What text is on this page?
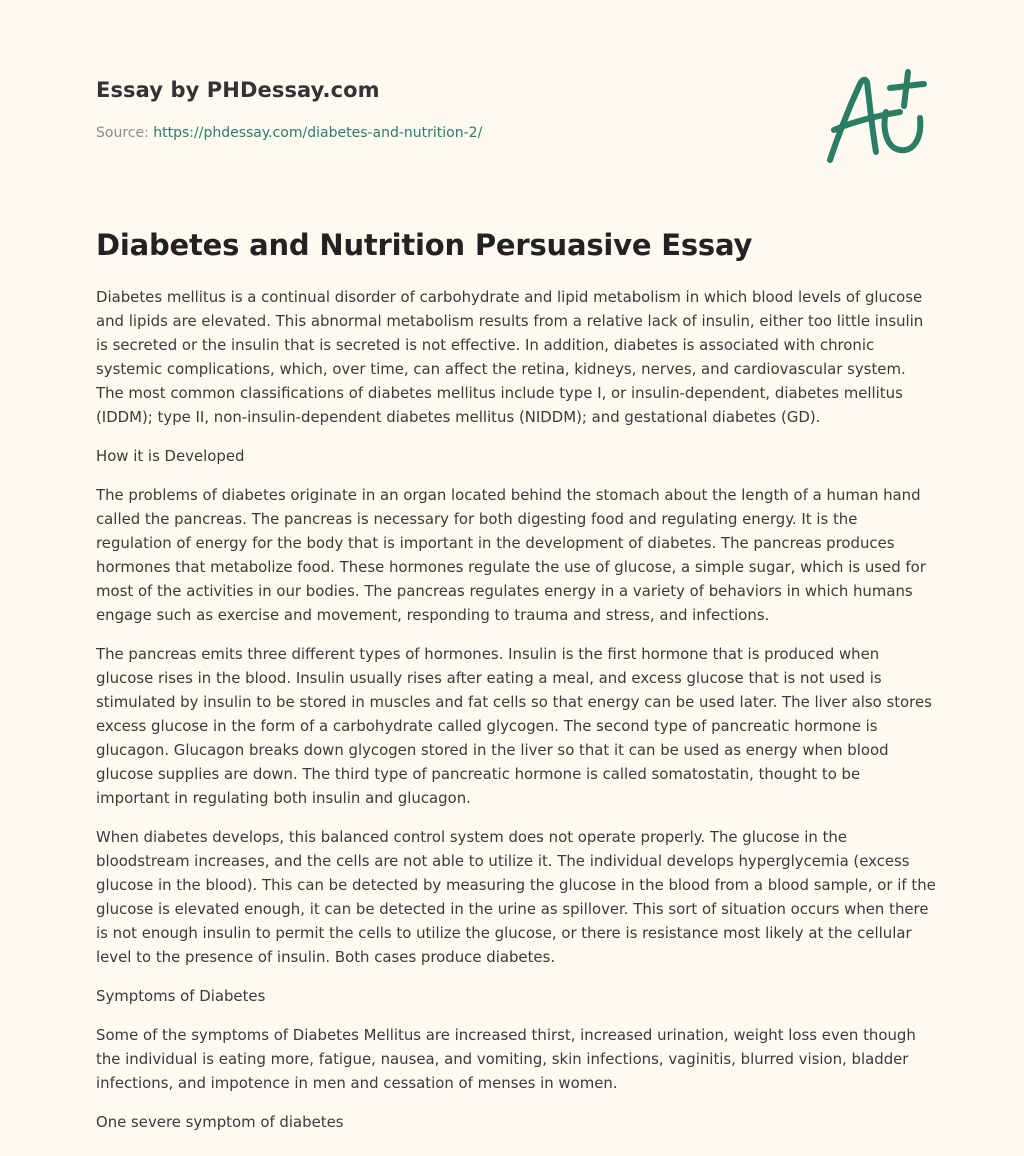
Essay by PHDessay.com
Source: https://phdessay.com/diabetes-and-nutrition-2/
Diabetes and Nutrition Persuasive Essay

Diabetes mellitus is a continual disorder of carbohydrate and lipid metabolism in which blood levels of glucose and lipids are elevated. This abnormal metabolism results from a relative lack of insulin, either too little insulin is secreted or the insulin that is secreted is not effective. In addition, diabetes is associated with chronic systemic complications, which, over time, can affect the retina, kidneys, nerves, and cardiovascular system. The most common classifications of diabetes mellitus include type I, or insulin-dependent, diabetes mellitus (IDDM); type II, non-insulin-dependent diabetes mellitus (NIDDM); and gestational diabetes (GD).

How it is Developed

The problems of diabetes originate in an organ located behind the stomach about the length of a human hand called the pancreas. The pancreas is necessary for both digesting food and regulating energy. It is the regulation of energy for the body that is important in the development of diabetes. The pancreas produces hormones that metabolize food. These hormones regulate the use of glucose, a simple sugar, which is used for most of the activities in our bodies. The pancreas regulates energy in a variety of behaviors in which humans engage such as exercise and movement, responding to trauma and stress, and infections.

The pancreas emits three different types of hormones. Insulin is the first hormone that is produced when glucose rises in the blood. Insulin usually rises after eating a meal, and excess glucose that is not used is stimulated by insulin to be stored in muscles and fat cells so that energy can be used later. The liver also stores excess glucose in the form of a carbohydrate called glycogen. The second type of pancreatic hormone is glucagon. Glucagon breaks down glycogen stored in the liver so that it can be used as energy when blood glucose supplies are down. The third type of pancreatic hormone is called somatostatin, thought to be important in regulating both insulin and glucagon.

When diabetes develops, this balanced control system does not operate properly. The glucose in the bloodstream increases, and the cells are not able to utilize it. The individual develops hyperglycemia (excess glucose in the blood). This can be detected by measuring the glucose in the blood from a blood sample, or if the glucose is elevated enough, it can be detected in the urine as spillover. This sort of situation occurs when there is not enough insulin to permit the cells to utilize the glucose, or there is resistance most likely at the cellular level to the presence of insulin. Both cases produce diabetes.

Symptoms of Diabetes

Some of the symptoms of Diabetes Mellitus are increased thirst, increased urination, weight loss even though the individual is eating more, fatigue, nausea, and vomiting, skin infections, vaginitis, blurred vision, bladder infections, and impotence in men and cessation of menses in women.

One severe symptom of diabetes
